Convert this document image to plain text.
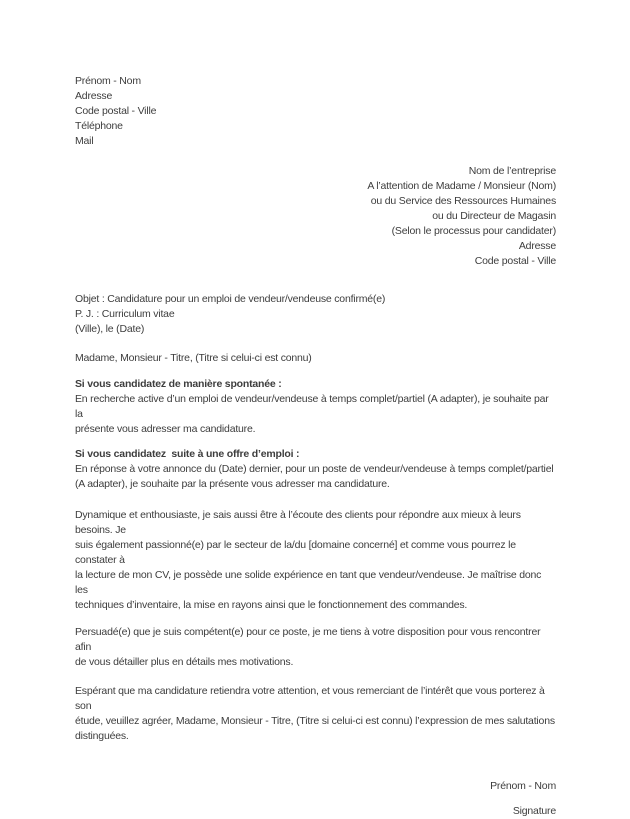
Prénom - Nom
Adresse
Code postal - Ville
Téléphone
Mail
Nom de l’entreprise
A l’attention de Madame / Monsieur (Nom)
ou du Service des Ressources Humaines
ou du Directeur de Magasin
(Selon le processus pour candidater)
Adresse
Code postal - Ville
Objet : Candidature pour un emploi de vendeur/vendeuse confirmé(e)
P. J. : Curriculum vitae
(Ville), le (Date)
Madame, Monsieur - Titre, (Titre si celui-ci est connu)
Si vous candidatez de manière spontanée :
En recherche active d’un emploi de vendeur/vendeuse à temps complet/partiel (A adapter), je souhaite par la
présente vous adresser ma candidature.
Si vous candidatez  suite à une offre d’emploi :
En réponse à votre annonce du (Date) dernier, pour un poste de vendeur/vendeuse à temps complet/partiel
(A adapter), je souhaite par la présente vous adresser ma candidature.
Dynamique et enthousiaste, je sais aussi être à l’écoute des clients pour répondre aux mieux à leurs besoins. Je
suis également passionné(e) par le secteur de la/du [domaine concerné] et comme vous pourrez le constater à
la lecture de mon CV, je possède une solide expérience en tant que vendeur/vendeuse. Je maîtrise donc les
techniques d’inventaire, la mise en rayons ainsi que le fonctionnement des commandes.
Persuadé(e) que je suis compétent(e) pour ce poste, je me tiens à votre disposition pour vous rencontrer afin
de vous détailler plus en détails mes motivations.
Espérant que ma candidature retiendra votre attention, et vous remerciant de l’intérêt que vous porterez à son
étude, veuillez agréer, Madame, Monsieur - Titre, (Titre si celui-ci est connu) l’expression de mes salutations
distinguées.
Prénom - Nom
Signature
